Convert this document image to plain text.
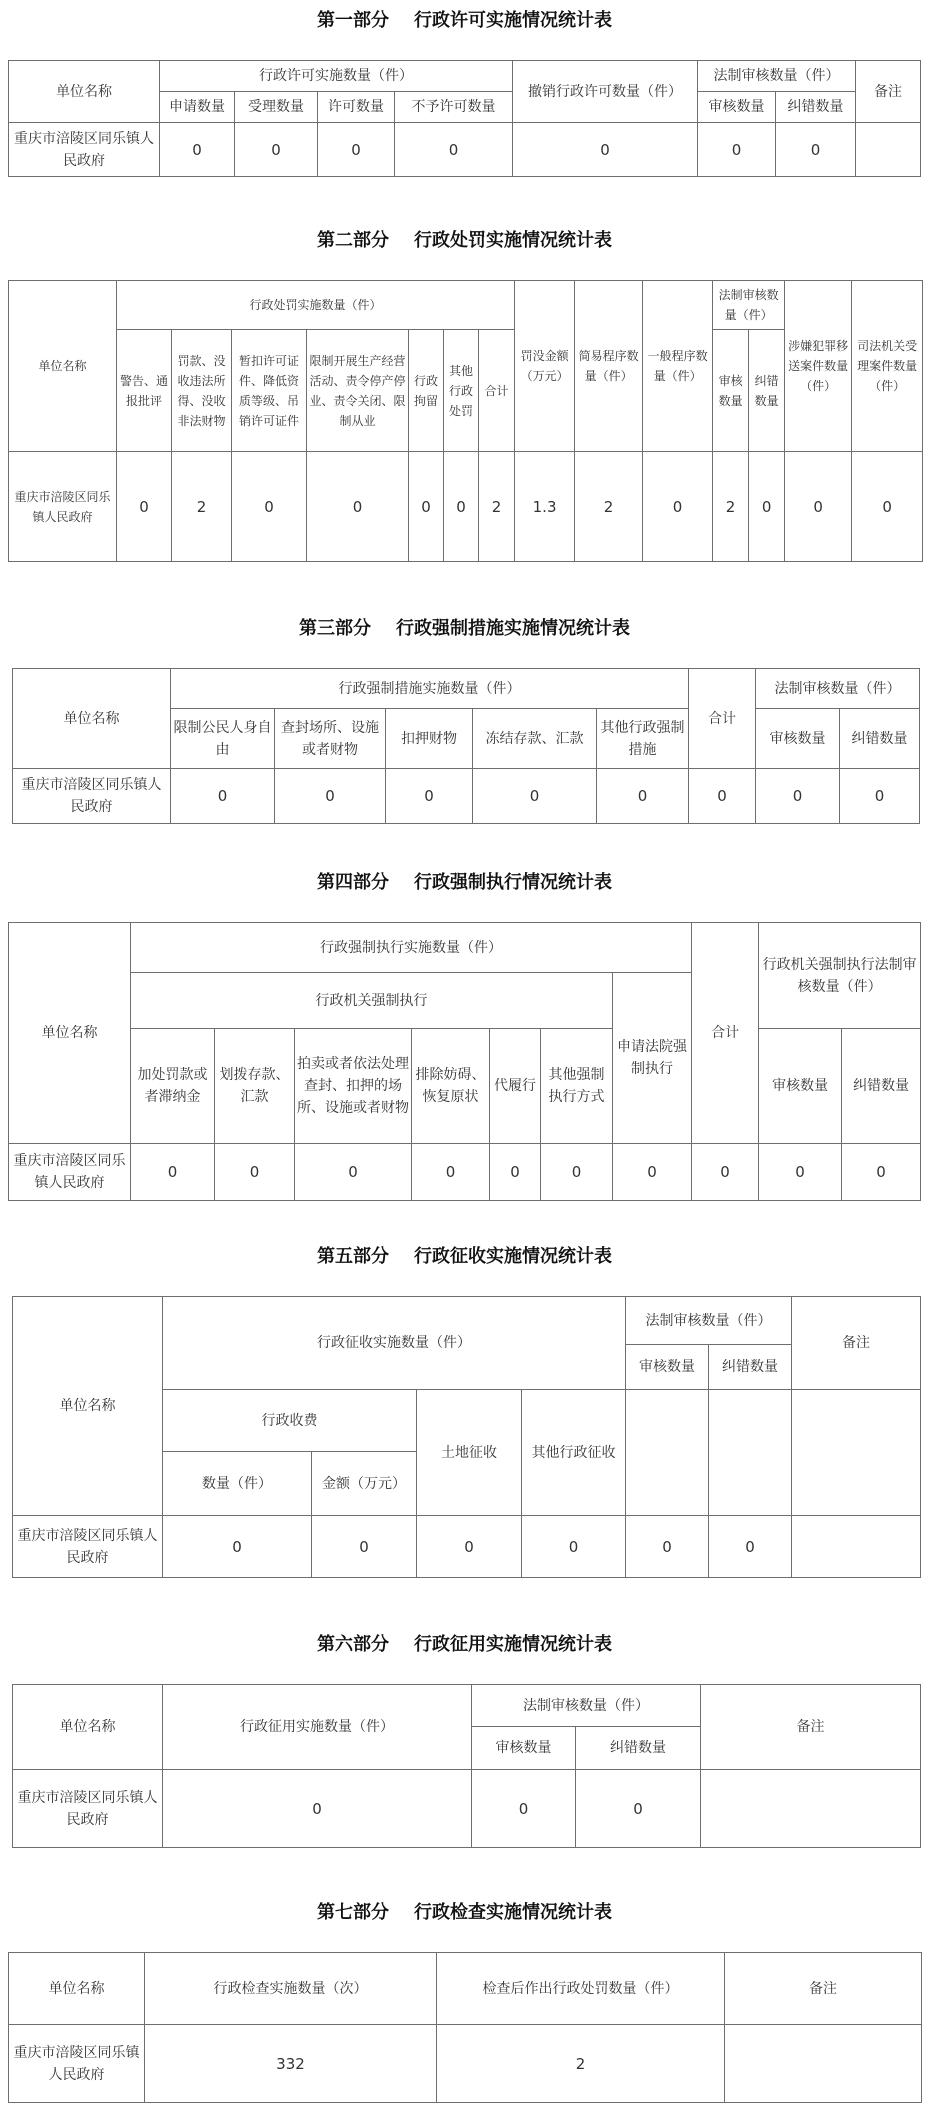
第一部分    行政许可实施情况统计表
单位名称	行政许可实施数量（件）				撤销行政许可数量（件）	法制审核数量（件）		备注
	申请数量	受理数量	许可数量	不予许可数量		审核数量	纠错数量	
重庆市涪陵区同乐镇人民政府	0	0	0	0	0	0	0	
第二部分    行政处罚实施情况统计表
单位名称	行政处罚实施数量（件）							罚没金额（万元）	简易程序数量（件）	一般程序数量（件）	法制审核数量（件）		涉嫌犯罪移送案件数量（件）	司法机关受理案件数量（件）
	警告、通报批评	罚款、没收违法所得、没收非法财物	暂扣许可证件、降低资质等级、吊销许可证件	限制开展生产经营活动、责令停产停业、责令关闭、限制从业	行政拘留	其他行政处罚	合计				审核数量	纠错数量		
重庆市涪陵区同乐镇人民政府	0	2	0	0	0	0	2	1.3	2	0	2	0	0	0
第三部分    行政强制措施实施情况统计表
单位名称	行政强制措施实施数量（件）					合计	法制审核数量（件）	
	限制公民人身自由	查封场所、设施或者财物	扣押财物	冻结存款、汇款	其他行政强制措施		审核数量	纠错数量
重庆市涪陵区同乐镇人民政府	0	0	0	0	0	0	0	0
第四部分    行政强制执行情况统计表
单位名称	行政强制执行实施数量（件）							合计	行政机关强制执行法制审核数量（件）	
	行政机关强制执行						申请法院强制执行			
	加处罚款或者滞纳金	划拨存款、汇款	拍卖或者依法处理查封、扣押的场所、设施或者财物	排除妨碍、恢复原状	代履行	其他强制执行方式			审核数量	纠错数量
重庆市涪陵区同乐镇人民政府	0	0	0	0	0	0	0	0	0	0
第五部分    行政征收实施情况统计表
单位名称	行政征收实施数量（件）				法制审核数量（件）		备注
					审核数量	纠错数量	
	行政收费		土地征收	其他行政征收			
	数量（件）	金额（万元）					
重庆市涪陵区同乐镇人民政府	0	0	0	0	0	0	
第六部分    行政征用实施情况统计表
单位名称	行政征用实施数量（件）	法制审核数量（件）		备注
		审核数量	纠错数量	
重庆市涪陵区同乐镇人民政府	0	0	0	
第七部分    行政检查实施情况统计表
单位名称	行政检查实施数量（次）	检查后作出行政处罚数量（件）	备注
重庆市涪陵区同乐镇人民政府	332	2	
